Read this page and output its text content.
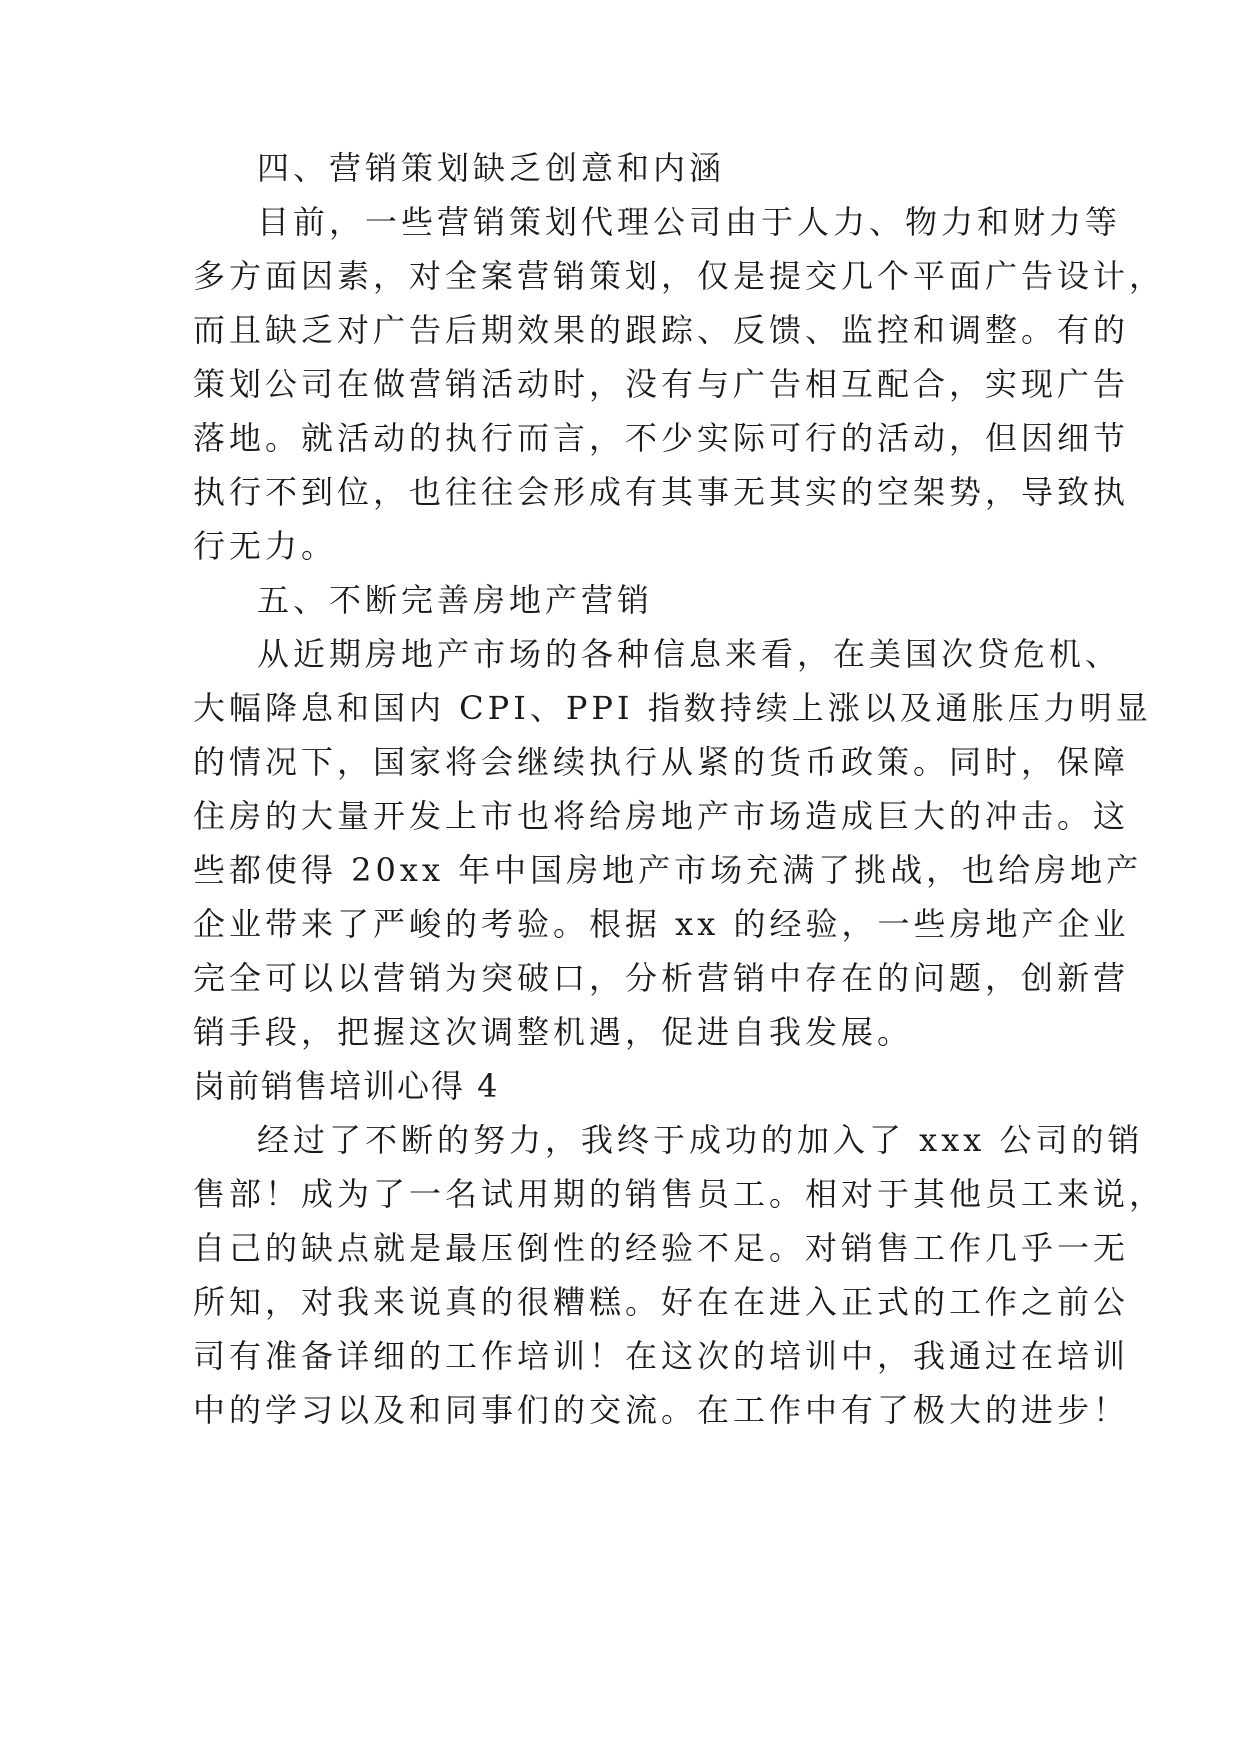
四、营销策划缺乏创意和内涵
目前，一些营销策划代理公司由于人力、物力和财力等
多方面因素，对全案营销策划，仅是提交几个平面广告设计，
而且缺乏对广告后期效果的跟踪、反馈、监控和调整。有的
策划公司在做营销活动时，没有与广告相互配合，实现广告
落地。就活动的执行而言，不少实际可行的活动，但因细节
执行不到位，也往往会形成有其事无其实的空架势，导致执
行无力。
五、不断完善房地产营销
从近期房地产市场的各种信息来看，在美国次贷危机、
大幅降息和国内 CPI、PPI 指数持续上涨以及通胀压力明显
的情况下，国家将会继续执行从紧的货币政策。同时，保障
住房的大量开发上市也将给房地产市场造成巨大的冲击。这
些都使得 20xx 年中国房地产市场充满了挑战，也给房地产
企业带来了严峻的考验。根据 xx 的经验，一些房地产企业
完全可以以营销为突破口，分析营销中存在的问题，创新营
销手段，把握这次调整机遇，促进自我发展。
岗前销售培训心得 4
经过了不断的努力，我终于成功的加入了 xxx 公司的销
售部！成为了一名试用期的销售员工。相对于其他员工来说，
自己的缺点就是最压倒性的经验不足。对销售工作几乎一无
所知，对我来说真的很糟糕。好在在进入正式的工作之前公
司有准备详细的工作培训！在这次的培训中，我通过在培训
中的学习以及和同事们的交流。在工作中有了极大的进步！
